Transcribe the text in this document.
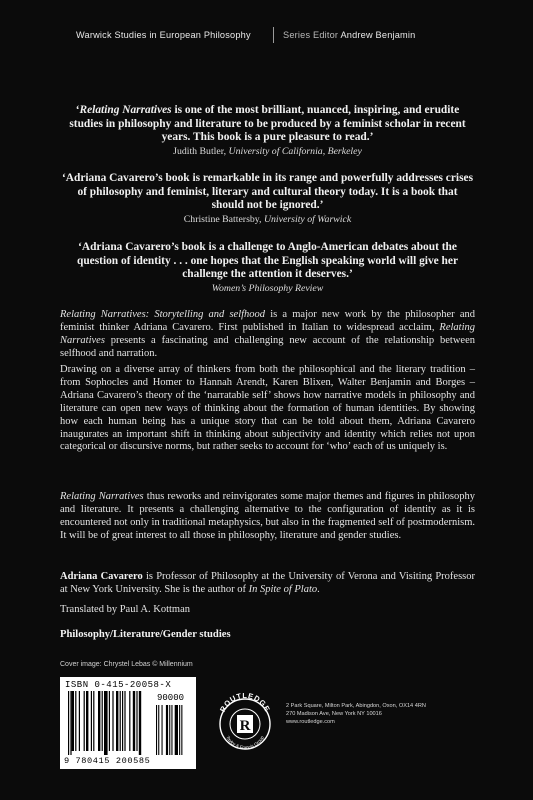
Warwick Studies in European Philosophy	Series Editor Andrew Benjamin
‘Relating Narratives is one of the most brilliant, nuanced, inspiring, and erudite studies in philosophy and literature to be produced by a feminist scholar in recent years. This book is a pure pleasure to read.’
Judith Butler, University of California, Berkeley
‘Adriana Cavarero’s book is remarkable in its range and powerfully addresses crises of philosophy and feminist, literary and cultural theory today. It is a book that should not be ignored.’
Christine Battersby, University of Warwick
‘Adriana Cavarero’s book is a challenge to Anglo-American debates about the question of identity . . . one hopes that the English speaking world will give her challenge the attention it deserves.’
Women’s Philosophy Review
Relating Narratives: Storytelling and selfhood is a major new work by the philosopher and feminist thinker Adriana Cavarero. First published in Italian to widespread acclaim, Relating Narratives presents a fascinating and challenging new account of the relationship between selfhood and narration.
Drawing on a diverse array of thinkers from both the philosophical and the literary tradition – from Sophocles and Homer to Hannah Arendt, Karen Blixen, Walter Benjamin and Borges – Adriana Cavarero’s theory of the ‘narratable self’ shows how narrative models in philosophy and literature can open new ways of thinking about the formation of human identities. By showing how each human being has a unique story that can be told about them, Adriana Cavarero inaugurates an important shift in thinking about subjectivity and identity which relies not upon categorical or discursive norms, but rather seeks to account for ‘who’ each of us uniquely is.
Relating Narratives thus reworks and reinvigorates some major themes and figures in philosophy and literature. It presents a challenging alternative to the configuration of identity as it is encountered not only in traditional metaphysics, but also in the fragmented self of postmodernism. It will be of great interest to all those in philosophy, literature and gender studies.
Adriana Cavarero is Professor of Philosophy at the University of Verona and Visiting Professor at New York University. She is the author of In Spite of Plato.
Translated by Paul A. Kottman
Philosophy/Literature/Gender studies
Cover image: Chrystel Lebas © Millennium
ISBN 0-415-20058-X
90000
9 780415 200585
R
ROUTLEDGE
Taylor & Francis Group
2 Park Square, Milton Park, Abingdon, Oxon, OX14 4RN
270 Madison Ave, New York NY 10016
www.routledge.com
